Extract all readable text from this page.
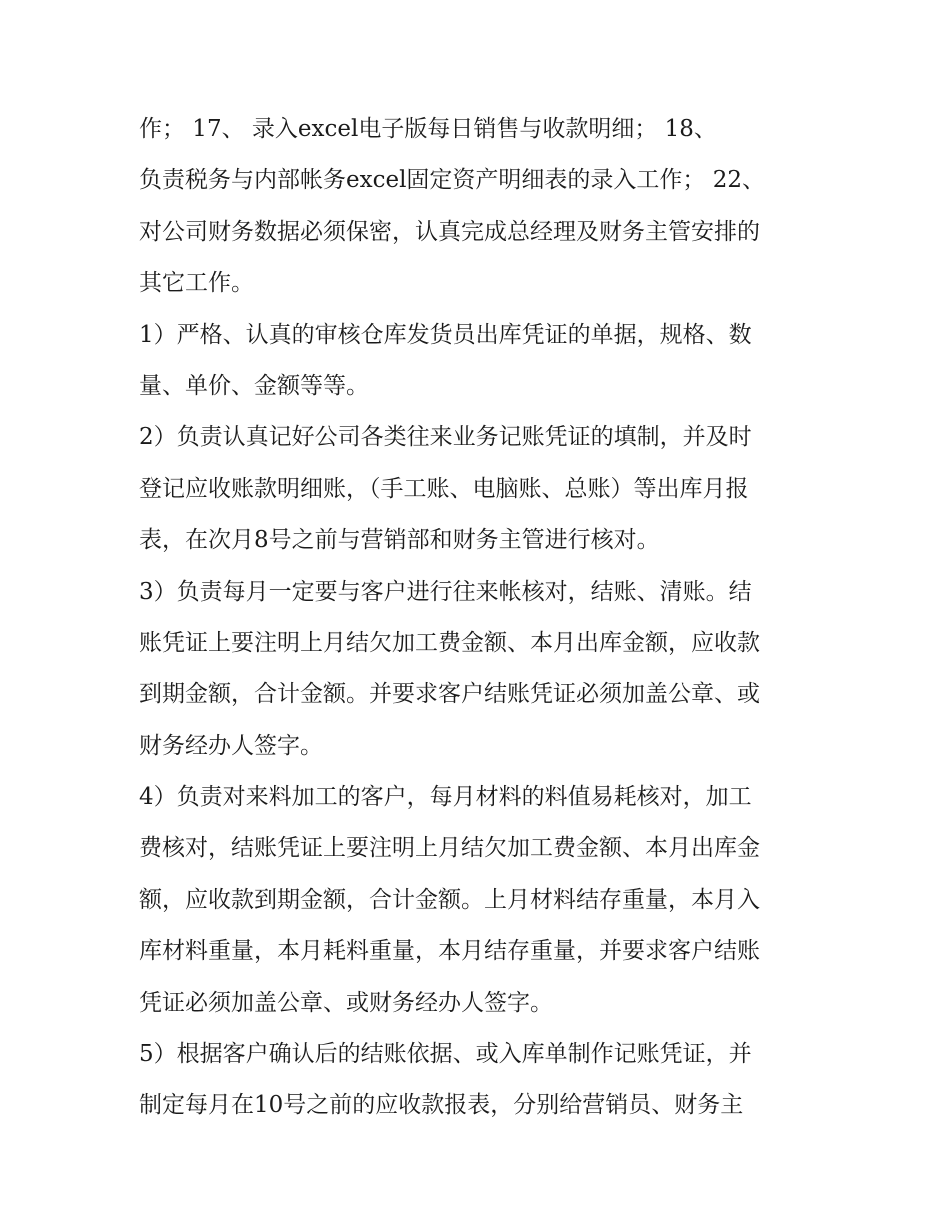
作； 17、 录入excel电子版每日销售与收款明细； 18、
负责税务与内部帐务excel固定资产明细表的录入工作； 22、
对公司财务数据必须保密，认真完成总经理及财务主管安排的
其它工作。
1）严格、认真的审核仓库发货员出库凭证的单据，规格、数
量、单价、金额等等。
2）负责认真记好公司各类往来业务记账凭证的填制，并及时
登记应收账款明细账，（手工账、电脑账、总账）等出库月报
表，在次月8号之前与营销部和财务主管进行核对。
3）负责每月一定要与客户进行往来帐核对，结账、清账。结
账凭证上要注明上月结欠加工费金额、本月出库金额，应收款
到期金额，合计金额。并要求客户结账凭证必须加盖公章、或
财务经办人签字。
4）负责对来料加工的客户，每月材料的料值易耗核对，加工
费核对，结账凭证上要注明上月结欠加工费金额、本月出库金
额，应收款到期金额，合计金额。上月材料结存重量，本月入
库材料重量，本月耗料重量，本月结存重量，并要求客户结账
凭证必须加盖公章、或财务经办人签字。
5）根据客户确认后的结账依据、或入库单制作记账凭证，并
制定每月在10号之前的应收款报表，分别给营销员、财务主
